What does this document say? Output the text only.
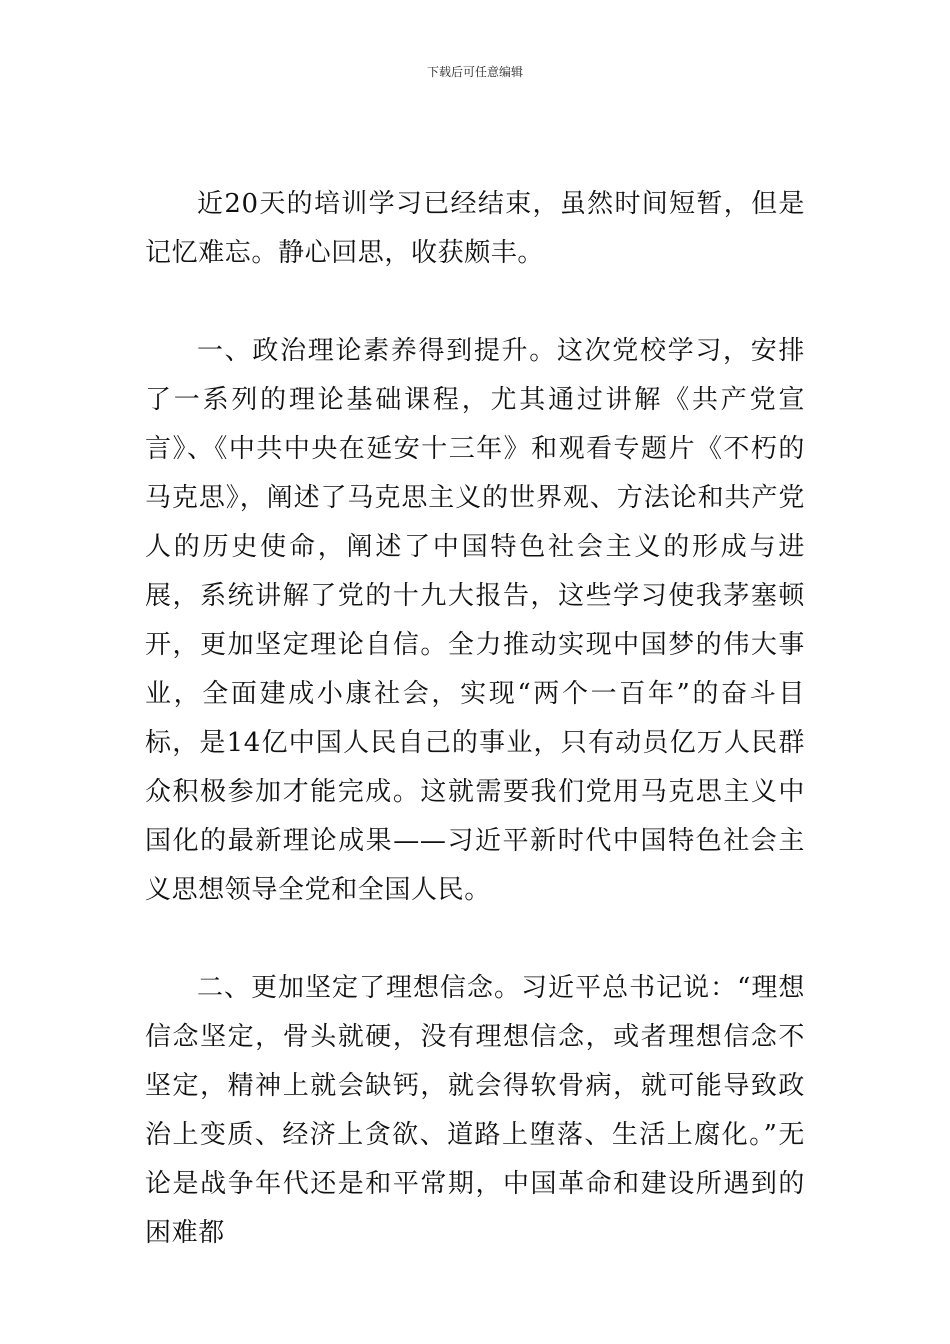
下载后可任意编辑

近20天的培训学习已经结束，虽然时间短暂，但是记忆难忘。静心回思，收获颇丰。

一、政治理论素养得到提升。这次党校学习，安排了一系列的理论基础课程，尤其通过讲解《共产党宣言》、《中共中央在延安十三年》和观看专题片《不朽的马克思》，阐述了马克思主义的世界观、方法论和共产党人的历史使命，阐述了中国特色社会主义的形成与进展，系统讲解了党的十九大报告，这些学习使我茅塞顿开，更加坚定理论自信。全力推动实现中国梦的伟大事业，全面建成小康社会，实现“两个一百年”的奋斗目标，是14亿中国人民自己的事业，只有动员亿万人民群众积极参加才能完成。这就需要我们党用马克思主义中国化的最新理论成果——习近平新时代中国特色社会主义思想领导全党和全国人民。

二、更加坚定了理想信念。习近平总书记说：“理想信念坚定，骨头就硬，没有理想信念，或者理想信念不坚定，精神上就会缺钙，就会得软骨病，就可能导致政治上变质、经济上贪欲、道路上堕落、生活上腐化。”无论是战争年代还是和平常期，中国革命和建设所遇到的困难都
